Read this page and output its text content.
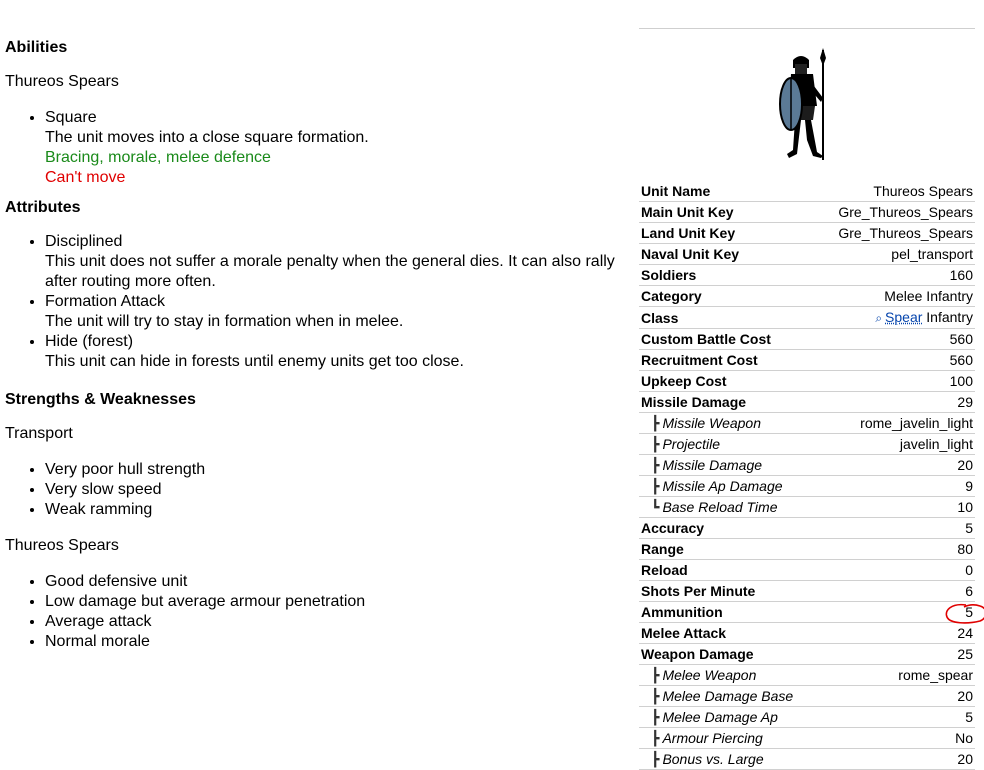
Abilities

Thureos Spears

• Square
The unit moves into a close square formation.
Bracing, morale, melee defence
Can't move
Attributes
• Disciplined
This unit does not suffer a morale penalty when the general dies. It can also rally after routing more often.
• Formation Attack
The unit will try to stay in formation when in melee.
• Hide (forest)
This unit can hide in forests until enemy units get too close.
Strengths & Weaknesses

Transport

• Very poor hull strength
• Very slow speed
• Weak ramming

Thureos Spears

• Good defensive unit
• Low damage but average armour penetration
• Average attack
• Normal morale
Unit Name	Thureos Spears
Main Unit Key	Gre_Thureos_Spears
Land Unit Key	Gre_Thureos_Spears
Naval Unit Key	pel_transport
Soldiers	160
Category	Melee Infantry
Class	⌕ Spear Infantry
Custom Battle Cost	560
Recruitment Cost	560
Upkeep Cost	100
Missile Damage	29
┣ Missile Weapon	rome_javelin_light
┣ Projectile	javelin_light
┣ Missile Damage	20
┣ Missile Ap Damage	9
┗ Base Reload Time	10
Accuracy	5
Range	80
Reload	0
Shots Per Minute	6
Ammunition	5
Melee Attack	24
Weapon Damage	25
┣ Melee Weapon	rome_spear
┣ Melee Damage Base	20
┣ Melee Damage Ap	5
┣ Armour Piercing	No
┣ Bonus vs. Large	20
